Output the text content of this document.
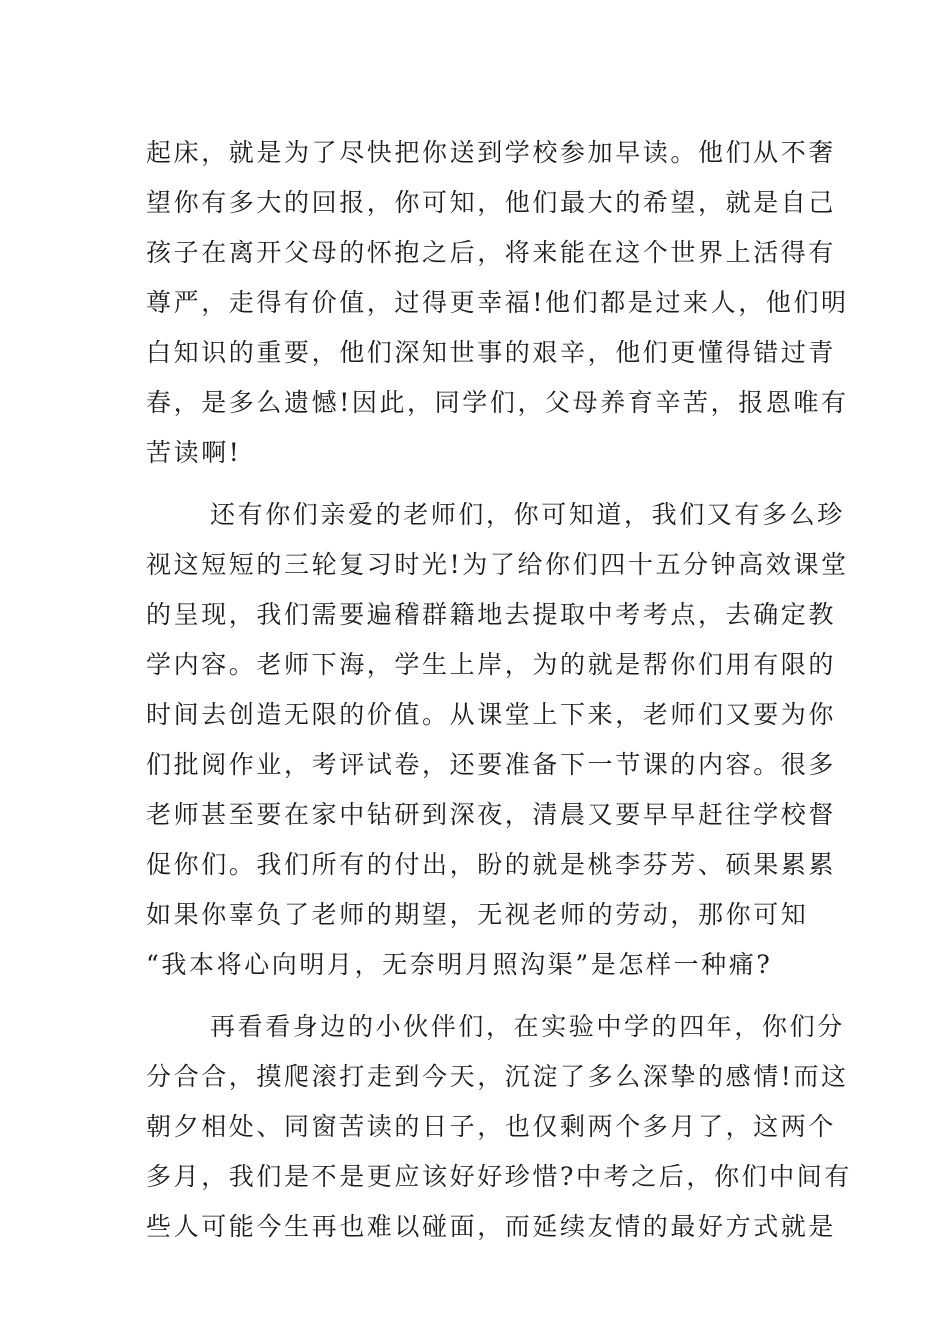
起床，就是为了尽快把你送到学校参加早读。他们从不奢
望你有多大的回报，你可知，他们最大的希望，就是自己
孩子在离开父母的怀抱之后，将来能在这个世界上活得有
尊严，走得有价值，过得更幸福!他们都是过来人，他们明
白知识的重要，他们深知世事的艰辛，他们更懂得错过青
春，是多么遗憾!因此，同学们，父母养育辛苦，报恩唯有
苦读啊!
还有你们亲爱的老师们，你可知道，我们又有多么珍
视这短短的三轮复习时光!为了给你们四十五分钟高效课堂
的呈现，我们需要遍稽群籍地去提取中考考点，去确定教
学内容。老师下海，学生上岸，为的就是帮你们用有限的
时间去创造无限的价值。从课堂上下来，老师们又要为你
们批阅作业，考评试卷，还要准备下一节课的内容。很多
老师甚至要在家中钻研到深夜，清晨又要早早赶往学校督
促你们。我们所有的付出，盼的就是桃李芬芳、硕果累累
如果你辜负了老师的期望，无视老师的劳动，那你可知
“我本将心向明月，无奈明月照沟渠”是怎样一种痛?
再看看身边的小伙伴们，在实验中学的四年，你们分
分合合，摸爬滚打走到今天，沉淀了多么深挚的感情!而这
朝夕相处、同窗苦读的日子，也仅剩两个多月了，这两个
多月，我们是不是更应该好好珍惜?中考之后，你们中间有
些人可能今生再也难以碰面，而延续友情的最好方式就是
